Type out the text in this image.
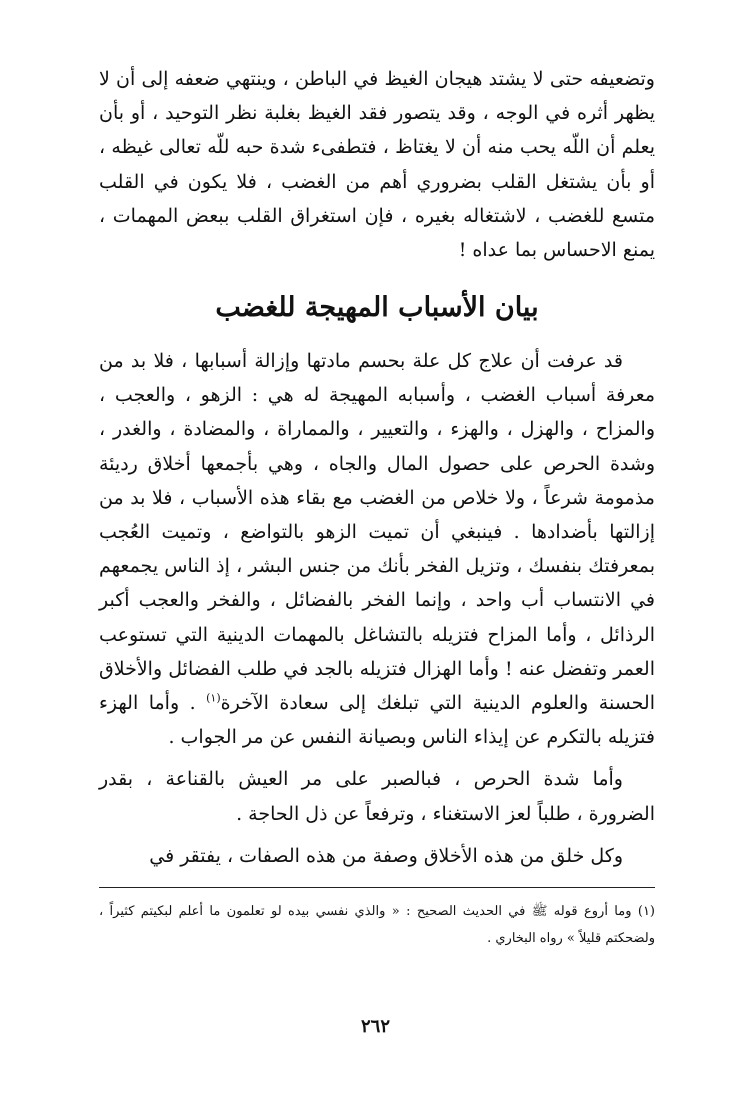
وتضعيفه حتى لا يشتد هيجان الغيظ في الباطن ، وينتهي ضعفه إلى أن لا يظهر أثره في الوجه ، وقد يتصور فقد الغيظ بغلبة نظر التوحيد ، أو بأن يعلم أن اللّه يحب منه أن لا يغتاظ ، فتطفىء شدة حبه للّه تعالى غيظه ، أو بأن يشتغل القلب بضروري أهم من الغضب ، فلا يكون في القلب متسع للغضب ، لاشتغاله بغيره ، فإن استغراق القلب ببعض المهمات ، يمنع الاحساس بما عداه !

بيان الأسباب المهيجة للغضب

قد عرفت أن علاج كل علة بحسم مادتها وإزالة أسبابها ، فلا بد من معرفة أسباب الغضب ، وأسبابه المهيجة له هي : الزهو ، والعجب ، والمزاح ، والهزل ، والهزء ، والتعيير ، والمماراة ، والمضادة ، والغدر ، وشدة الحرص على حصول المال والجاه ، وهي بأجمعها أخلاق رديئة مذمومة شرعاً ، ولا خلاص من الغضب مع بقاء هذه الأسباب ، فلا بد من إزالتها بأضدادها . فينبغي أن تميت الزهو بالتواضع ، وتميت العُجب بمعرفتك بنفسك ، وتزيل الفخر بأنك من جنس البشر ، إذ الناس يجمعهم في الانتساب أب واحد ، وإنما الفخر بالفضائل ، والفخر والعجب أكبر الرذائل ، وأما المزاح فتزيله بالتشاغل بالمهمات الدينية التي تستوعب العمر وتفضل عنه ! وأما الهزال فتزيله بالجد في طلب الفضائل والأخلاق الحسنة والعلوم الدينية التي تبلغك إلى سعادة الآخرة$^{(١)}$ . وأما الهزء فتزيله بالتكرم عن إيذاء الناس وبصيانة النفس عن مر الجواب .

وأما شدة الحرص ، فبالصبر على مر العيش بالقناعة ، بقدر الضرورة ، طلباً لعز الاستغناء ، وترفعاً عن ذل الحاجة .

وكل خلق من هذه الأخلاق وصفة من هذه الصفات ، يفتقر في

(١) وما أروع قوله ﷺ في الحديث الصحيح : « والذي نفسي بيده لو تعلمون ما أعلم لبكيتم كثيراً ، ولضحكتم قليلاً » رواه البخاري .

٢٦٢
